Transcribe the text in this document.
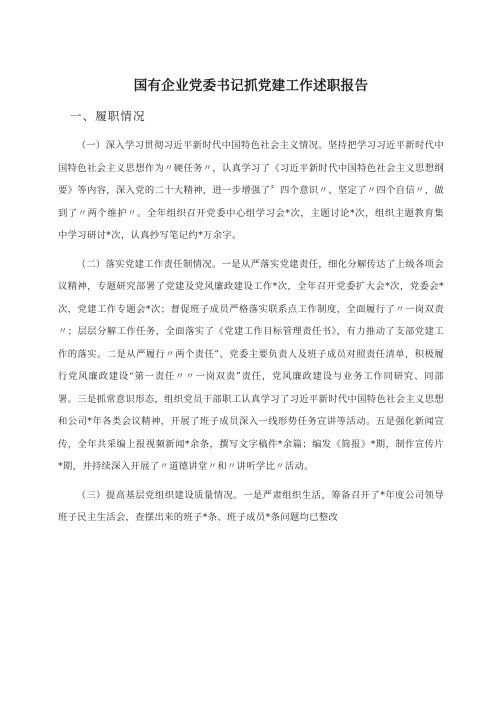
国有企业党委书记抓党建工作述职报告
一、履职情况

（一）深入学习贯彻习近平新时代中国特色社会主义情况。坚持把学习习近平新时代中国特色社会主义思想作为〃硬任务〃，认真学习了《习近平新时代中国特色社会主义思想纲要》等内容，深入党的二十大精神，进一步增强了〞四个意识〃、坚定了〃四个自信〃，做到了〃两个维护〃。全年组织召开党委中心组学习会*次，主题讨论*次，组织主题教育集中学习研讨*次，认真抄写笔记约*万余字。

（二）落实党建工作责任制情况。一是从严落实党建责任，细化分解传达了上级各项会议精神，专题研究部署了党建及党风廉政建设工作*次，全年召开党委扩大会*次，党委会*次，党建工作专题会*次；督促班子成员严格落实联系点工作制度，全面履行了〃一岗双责〃；层层分解工作任务，全面落实了《党建工作目标管理责任书》，有力推动了支部党建工作的落实。二是从严履行〃两个责任”、党委主要负责人及班子成员对照责任清单，积极履行党风廉政建设“第一责任〃〃一岗双责”责任，党风廉政建设与业务工作同研究、同部署。三是抓常意识形态，组织党员干部职工认真学习了习近平新时代中国特色社会主义思想和公司*年各类会议精神，开展了班子成员深入一线形势任务宣讲等活动。五是强化新闻宣传，全年共采编上报视频新闻*余条，撰写文字稿件*余篇；编发《简报》*期，制作宣传片*期，并持续深入开展了〃道德讲堂〃和〃讲听学比〃活动。

（三）提高基层党组织建设质量情况。一是严肃组织生活，筹备召开了*年度公司领导班子民主生活会，查摆出来的班子*条、班子成员*条问题均已整改
